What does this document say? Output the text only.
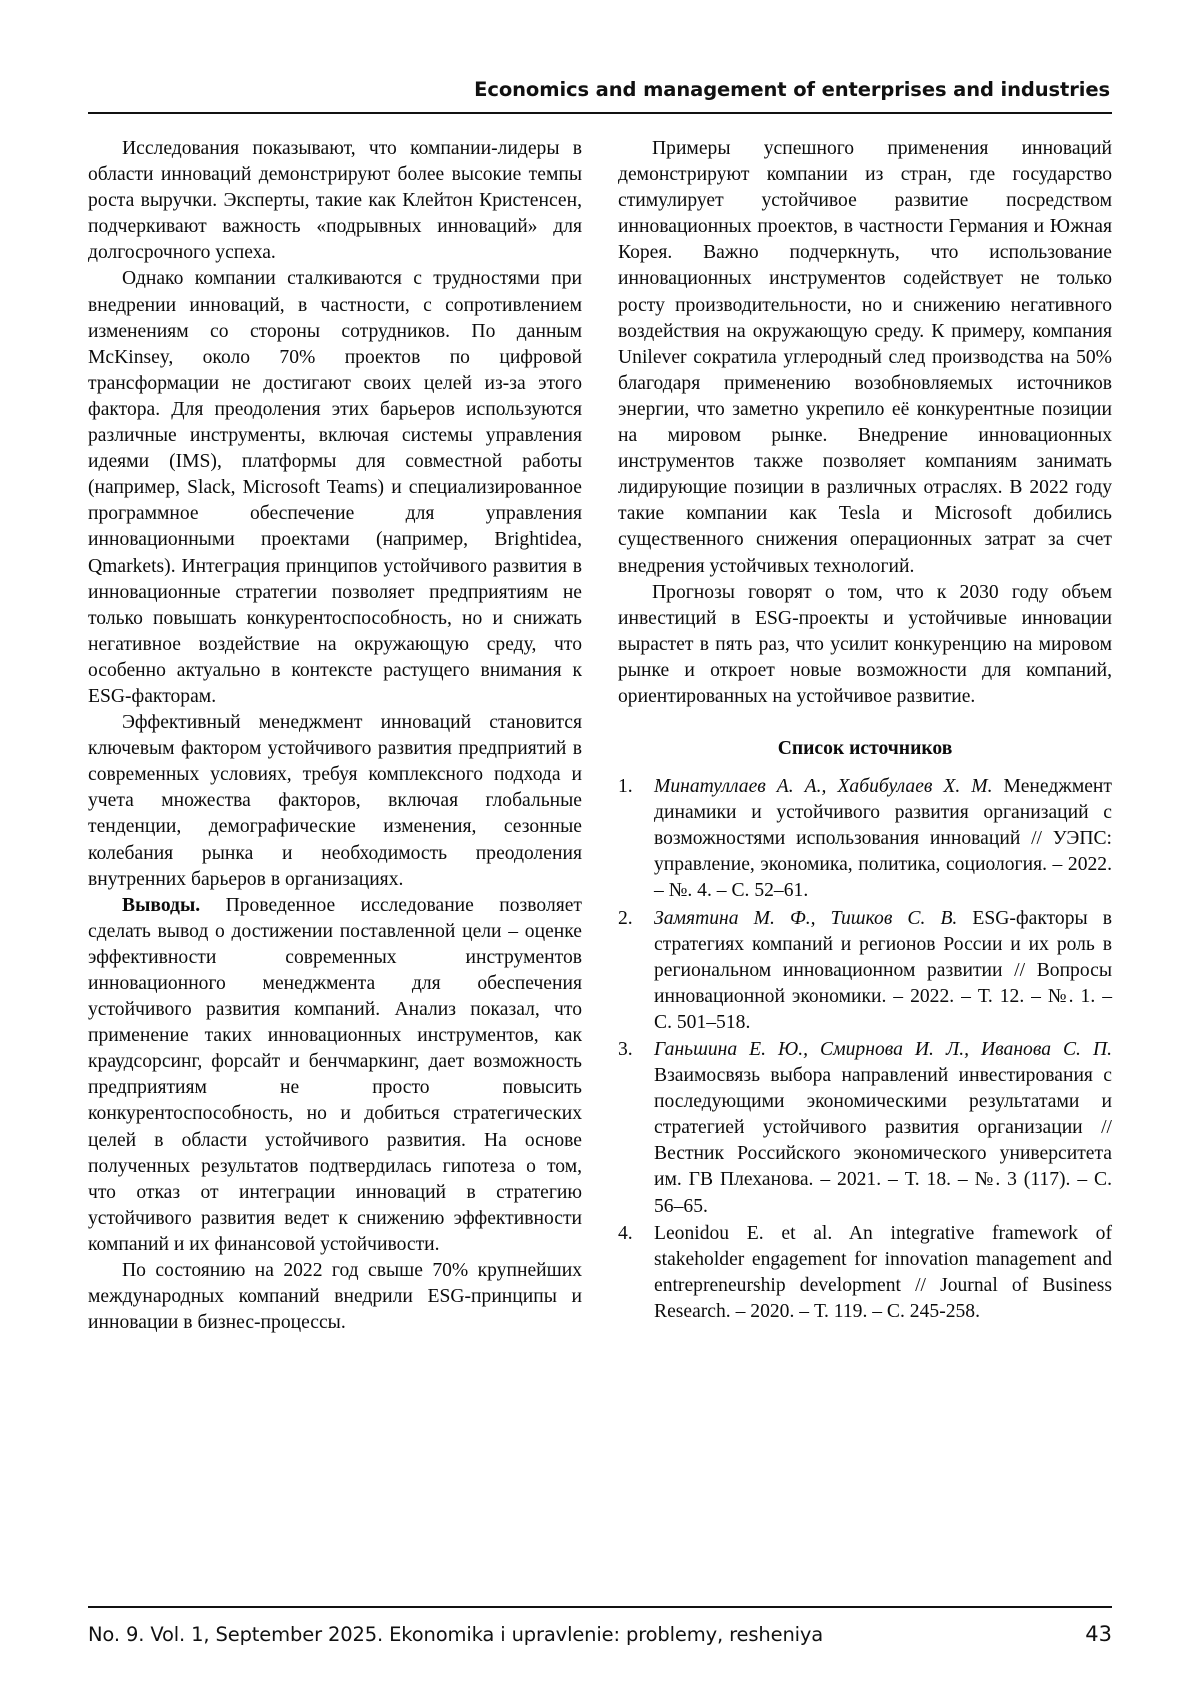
Economics and management of enterprises and industries

Исследования показывают, что компании-лидеры в области инноваций демонстрируют более высокие темпы роста выручки. Эксперты, такие как Клейтон Кристенсен, подчеркивают важность «подрывных инноваций» для долгосрочного успеха.

Однако компании сталкиваются с трудностями при внедрении инноваций, в частности, с сопротивлением изменениям со стороны сотрудников. По данным McKinsey, около 70% проектов по цифровой трансформации не достигают своих целей из-за этого фактора. Для преодоления этих барьеров используются различные инструменты, включая системы управления идеями (IMS), платформы для совместной работы (например, Slack, Microsoft Teams) и специализированное программное обеспечение для управления инновационными проектами (например, Brightidea, Qmarkets). Интеграция принципов устойчивого развития в инновационные стратегии позволяет предприятиям не только повышать конкурентоспособность, но и снижать негативное воздействие на окружающую среду, что особенно актуально в контексте растущего внимания к ESG-факторам.

Эффективный менеджмент инноваций становится ключевым фактором устойчивого развития предприятий в современных условиях, требуя комплексного подхода и учета множества факторов, включая глобальные тенденции, демографические изменения, сезонные колебания рынка и необходимость преодоления внутренних барьеров в организациях.

Выводы. Проведенное исследование позволяет сделать вывод о достижении поставленной цели – оценке эффективности современных инструментов инновационного менеджмента для обеспечения устойчивого развития компаний. Анализ показал, что применение таких инновационных инструментов, как краудсорсинг, форсайт и бенчмаркинг, дает возможность предприятиям не просто повысить конкурентоспособность, но и добиться стратегических целей в области устойчивого развития. На основе полученных результатов подтвердилась гипотеза о том, что отказ от интеграции инноваций в стратегию устойчивого развития ведет к снижению эффективности компаний и их финансовой устойчивости.

По состоянию на 2022 год свыше 70% крупнейших международных компаний внедрили ESG-принципы и инновации в бизнес-процессы.

Примеры успешного применения инноваций демонстрируют компании из стран, где государство стимулирует устойчивое развитие посредством инновационных проектов, в частности Германия и Южная Корея. Важно подчеркнуть, что использование инновационных инструментов содействует не только росту производительности, но и снижению негативного воздействия на окружающую среду. К примеру, компания Unilever сократила углеродный след производства на 50% благодаря применению возобновляемых источников энергии, что заметно укрепило её конкурентные позиции на мировом рынке. Внедрение инновационных инструментов также позволяет компаниям занимать лидирующие позиции в различных отраслях. В 2022 году такие компании как Tesla и Microsoft добились существенного снижения операционных затрат за счет внедрения устойчивых технологий.

Прогнозы говорят о том, что к 2030 году объем инвестиций в ESG-проекты и устойчивые инновации вырастет в пять раз, что усилит конкуренцию на мировом рынке и откроет новые возможности для компаний, ориентированных на устойчивое развитие.

Список источников
1.	Минатуллаев А. А., Хабибулаев Х. М. Менеджмент динамики и устойчивого развития организаций с возможностями использования инноваций // УЭПС: управление, экономика, политика, социология. – 2022. – №. 4. – С. 52–61.
2.	Замятина М. Ф., Тишков С. В. ESG-факторы в стратегиях компаний и регионов России и их роль в региональном инновационном развитии // Вопросы инновационной экономики. – 2022. – Т. 12. – №. 1. – С. 501–518.
3.	Ганьшина Е. Ю., Смирнова И. Л., Иванова С. П. Взаимосвязь выбора направлений инвестирования с последующими экономическими результатами и стратегией устойчивого развития организации // Вестник Российского экономического университета им. ГВ Плеханова. – 2021. – Т. 18. – №. 3 (117). – С. 56–65.
4.	Leonidou E. et al. An integrative framework of stakeholder engagement for innovation management and entrepreneurship development // Journal of Business Research. – 2020. – Т. 119. – С. 245-258.
No. 9. Vol. 1, September 2025. Ekonomika i upravlenie: problemy, resheniya	43
